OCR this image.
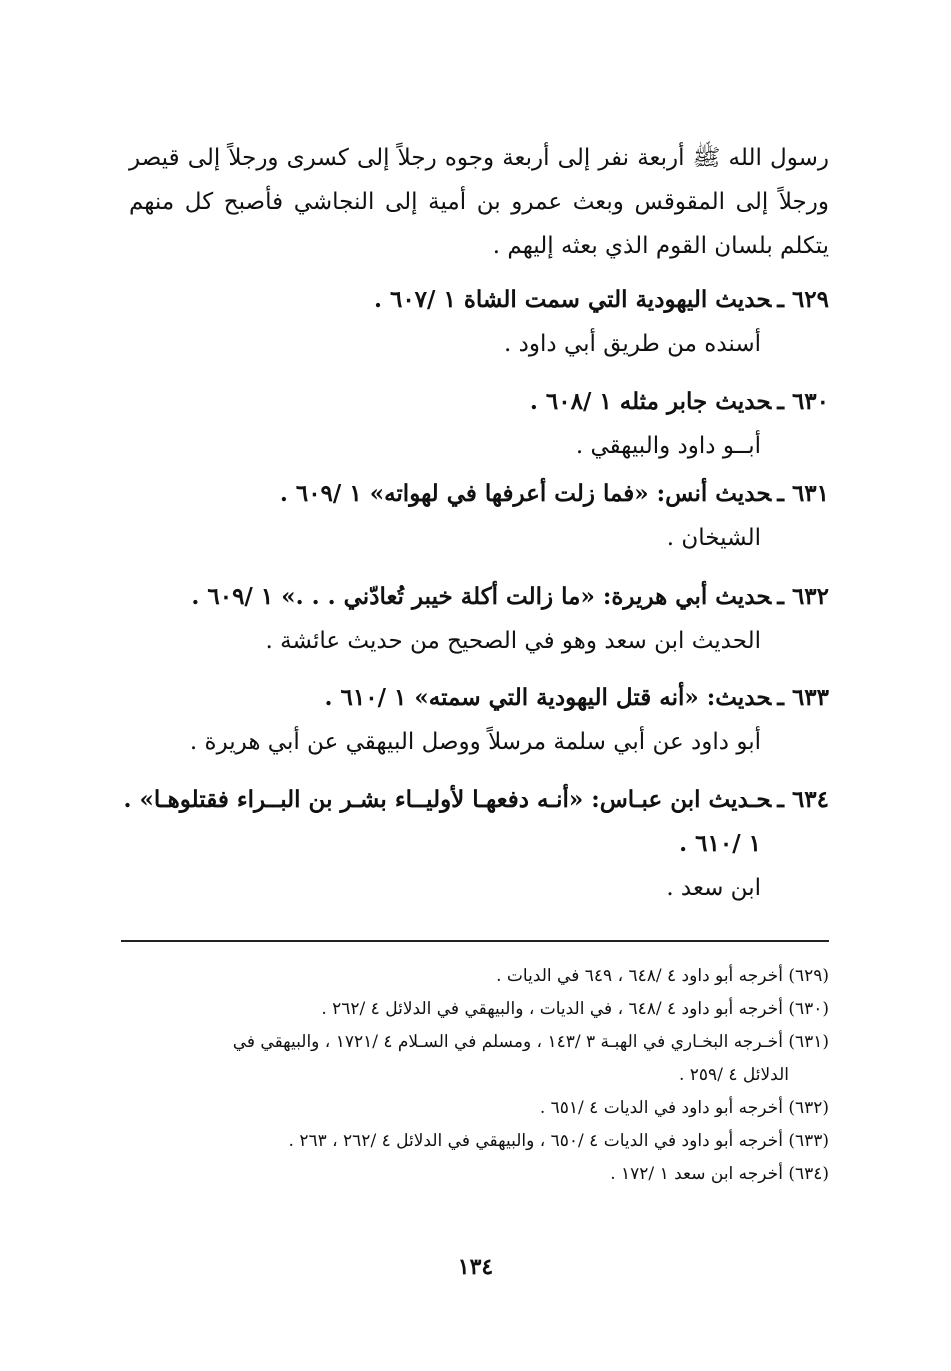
رسول الله ﷺ أربعة نفر إلى أربعة وجوه رجلاً إلى كسرى ورجلاً إلى قيصر ورجلاً إلى المقوقس وبعث عمرو بن أمية إلى النجاشي فأصبح كل منهم يتكلم بلسان القوم الذي بعثه إليهم .

٦٢٩ ـحديث اليهودية التي سمت الشاة ١ /٦٠٧ .
أسنده من طريق أبي داود .
٦٣٠ ـحديث جابر مثله ١ /٦٠٨ .
أبــو داود والبيهقي .
٦٣١ ـحديث أنس: «فما زلت أعرفها في لهواته» ١ /٦٠٩ .
الشيخان .
٦٣٢ ـحديث أبي هريرة: «ما زالت أكلة خيبر تُعادّني . . .» ١ /٦٠٩ .
الحديث ابن سعد وهو في الصحيح من حديث عائشة .
٦٣٣ ـحديث: «أنه قتل اليهودية التي سمته» ١ /٦١٠ .
أبو داود عن أبي سلمة مرسلاً ووصل البيهقي عن أبي هريرة .
٦٣٤ ـحـديث ابن عبـاس: «أنـه دفعهـا لأوليــاء بشـر بن البــراء فقتلوهـا» .
١ /٦١٠ .
ابن سعد .
(٦٢٩) أخرجه أبو داود ٤ /٦٤٨ ، ٦٤٩ في الديات .
(٦٣٠) أخرجه أبو داود ٤ /٦٤٨ ، في الديات ، والبيهقي في الدلائل ٤ /٢٦٢ .
(٦٣١) أخـرجه البخـاري في الهبـة ٣ /١٤٣ ، ومسلم في السـلام ٤ /١٧٢١ ، والبيهقي في
الدلائل ٤ /٢٥٩ .
(٦٣٢) أخرجه أبو داود في الديات ٤ /٦٥١ .
(٦٣٣) أخرجه أبو داود في الديات ٤ /٦٥٠ ، والبيهقي في الدلائل ٤ /٢٦٢ ، ٢٦٣ .
(٦٣٤) أخرجه ابن سعد ١ /١٧٢ .
١٣٤
